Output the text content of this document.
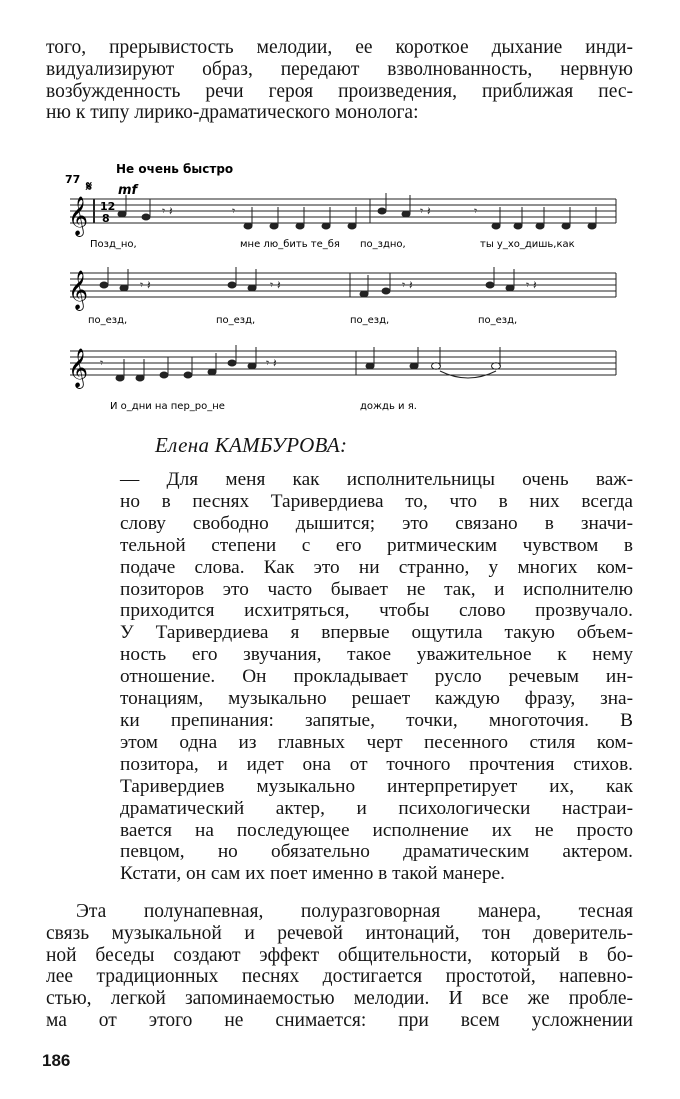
того, прерывистость мелодии, ее короткое дыхание инди-
видуализируют образ, передают взволнованность, нервную
возбужденность речи героя произведения, приближая пес-
ню к типу лирико-драматического монолога:
Не очень быстро
77
mf
𝄋
𝄞 12
8
𝄾 𝄽	𝄾	𝄾 𝄽	𝄾
Позд_но,	мне лю_бить те_бя по_здно,	ты у_хо_дишь,как
𝄞	𝄾 𝄽	𝄾 𝄽	𝄾 𝄽	𝄾 𝄽
по_езд,	по_езд,	по_езд,	по_езд,
𝄞 𝄾	𝄾 𝄽
И о_дни на пер_ро_не	дождь и я.

Елена КАМБУРОВА:

— Для меня как исполнительницы очень важ-
но в песнях Таривердиева то, что в них всегда
слову свободно дышится; это связано в значи-
тельной степени с его ритмическим чувством в
подаче слова. Как это ни странно, у многих ком-
позиторов это часто бывает не так, и исполнителю
приходится исхитряться, чтобы слово прозвучало.
У Таривердиева я впервые ощутила такую объем-
ность его звучания, такое уважительное к нему
отношение. Он прокладывает русло речевым ин-
тонациям, музыкально решает каждую фразу, зна-
ки препинания: запятые, точки, многоточия. В
этом одна из главных черт песенного стиля ком-
позитора, и идет она от точного прочтения стихов.
Таривердиев музыкально интерпретирует их, как
драматический актер, и психологически настраи-
вается на последующее исполнение их не просто
певцом, но обязательно драматическим актером.
Кстати, он сам их поет именно в такой манере.
Эта полунапевная, полуразговорная манера, тесная
связь музыкальной и речевой интонаций, тон доверитель-
ной беседы создают эффект общительности, который в бо-
лее традиционных песнях достигается простотой, напевно-
стью, легкой запоминаемостью мелодии. И все же пробле-
ма от этого не снимается: при всем усложнении
186
